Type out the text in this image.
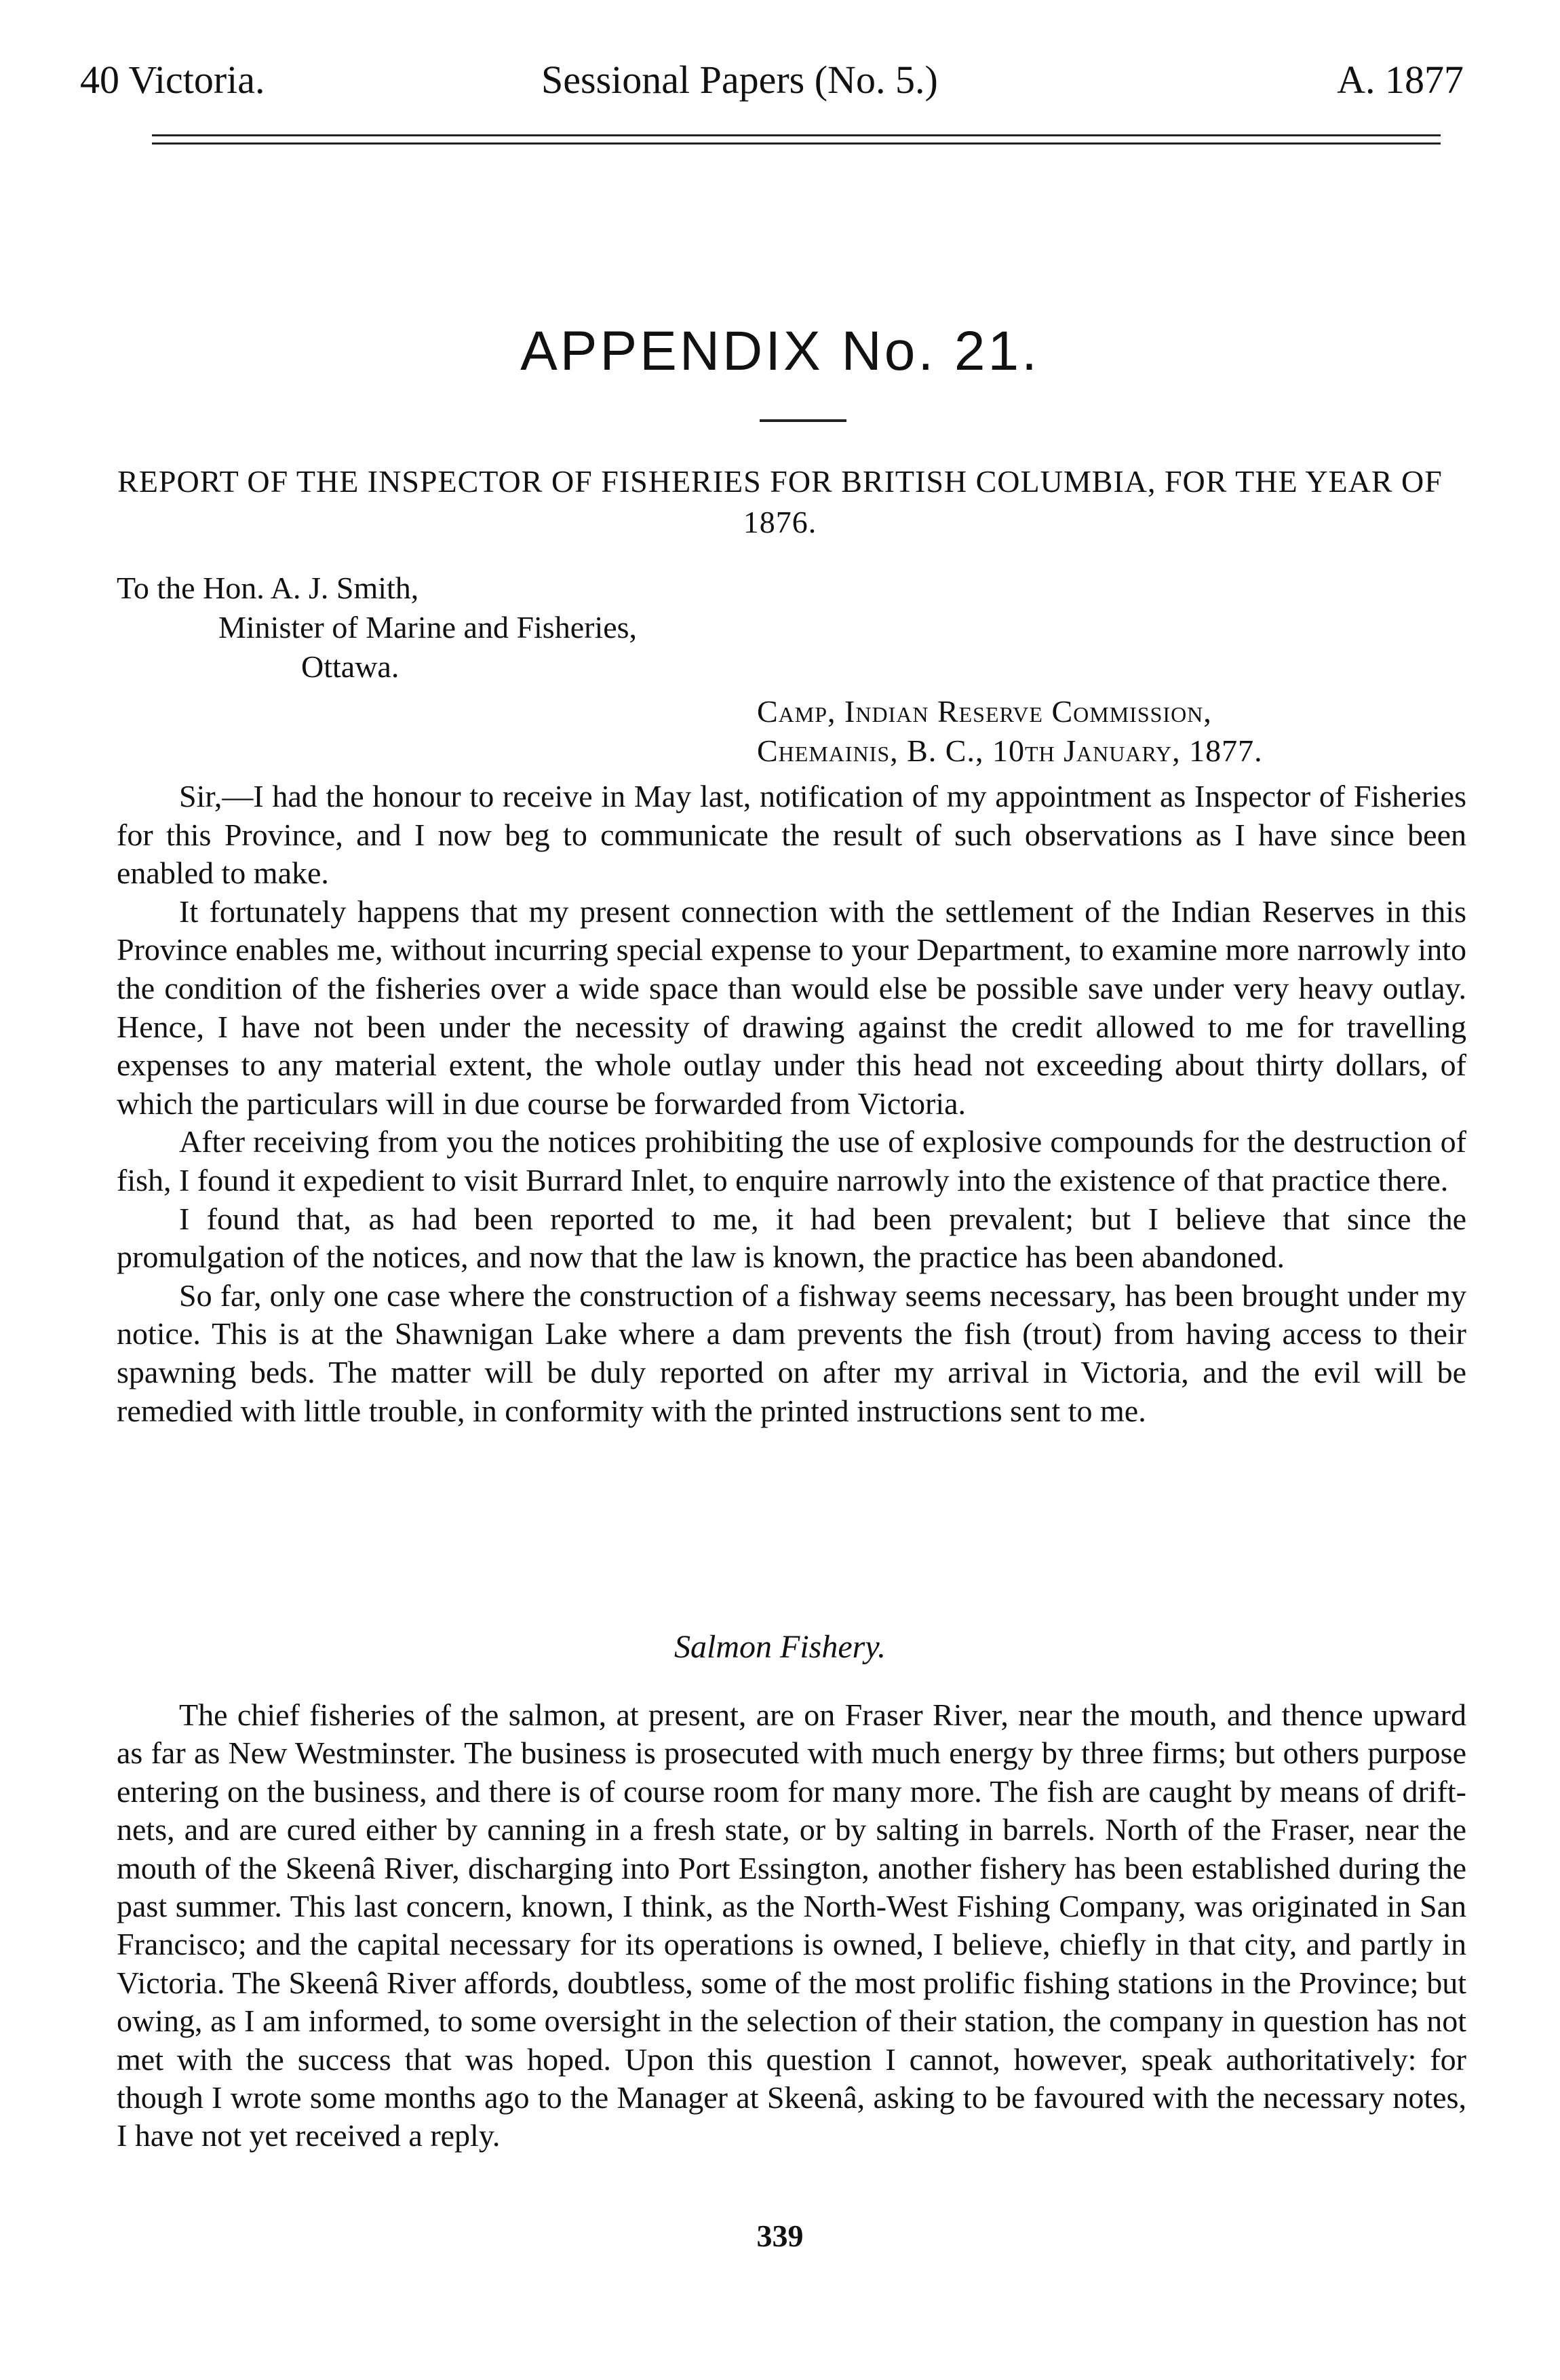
40 Victoria.	Sessional Papers (No. 5.)	A. 1877
APPENDIX No. 21.
REPORT OF THE INSPECTOR OF FISHERIES FOR BRITISH COLUMBIA, FOR THE YEAR OF 1876.
To the Hon. A. J. Smith,
Minister of Marine and Fisheries,
Ottawa.
Camp, Indian Reserve Commission,
Chemainis, B. C., 10th January, 1877.

Sir,—I had the honour to receive in May last, notification of my appointment as Inspector of Fisheries for this Province, and I now beg to communicate the result of such observations as I have since been enabled to make.

It fortunately happens that my present connection with the settlement of the Indian Reserves in this Province enables me, without incurring special expense to your Department, to examine more narrowly into the condition of the fisheries over a wide space than would else be possible save under very heavy outlay. Hence, I have not been under the necessity of drawing against the credit allowed to me for travelling expenses to any material extent, the whole outlay under this head not exceeding about thirty dollars, of which the particulars will in due course be forwarded from Victoria.

After receiving from you the notices prohibiting the use of explosive compounds for the destruction of fish, I found it expedient to visit Burrard Inlet, to enquire narrowly into the existence of that practice there.

I found that, as had been reported to me, it had been prevalent; but I believe that since the promulgation of the notices, and now that the law is known, the practice has been abandoned.

So far, only one case where the construction of a fishway seems necessary, has been brought under my notice. This is at the Shawnigan Lake where a dam prevents the fish (trout) from having access to their spawning beds. The matter will be duly reported on after my arrival in Victoria, and the evil will be remedied with little trouble, in conformity with the printed instructions sent to me.

Salmon Fishery.

The chief fisheries of the salmon, at present, are on Fraser River, near the mouth, and thence upward as far as New Westminster. The business is prosecuted with much energy by three firms; but others purpose entering on the business, and there is of course room for many more. The fish are caught by means of drift-nets, and are cured either by canning in a fresh state, or by salting in barrels. North of the Fraser, near the mouth of the Skeenâ River, discharging into Port Essington, another fishery has been established during the past summer. This last concern, known, I think, as the North-West Fishing Company, was originated in San Francisco; and the capital necessary for its operations is owned, I believe, chiefly in that city, and partly in Victoria. The Skeenâ River affords, doubtless, some of the most prolific fishing stations in the Province; but owing, as I am informed, to some oversight in the selection of their station, the company in question has not met with the success that was hoped. Upon this question I cannot, however, speak authoritatively: for though I wrote some months ago to the Manager at Skeenâ, asking to be favoured with the necessary notes, I have not yet received a reply.

339
